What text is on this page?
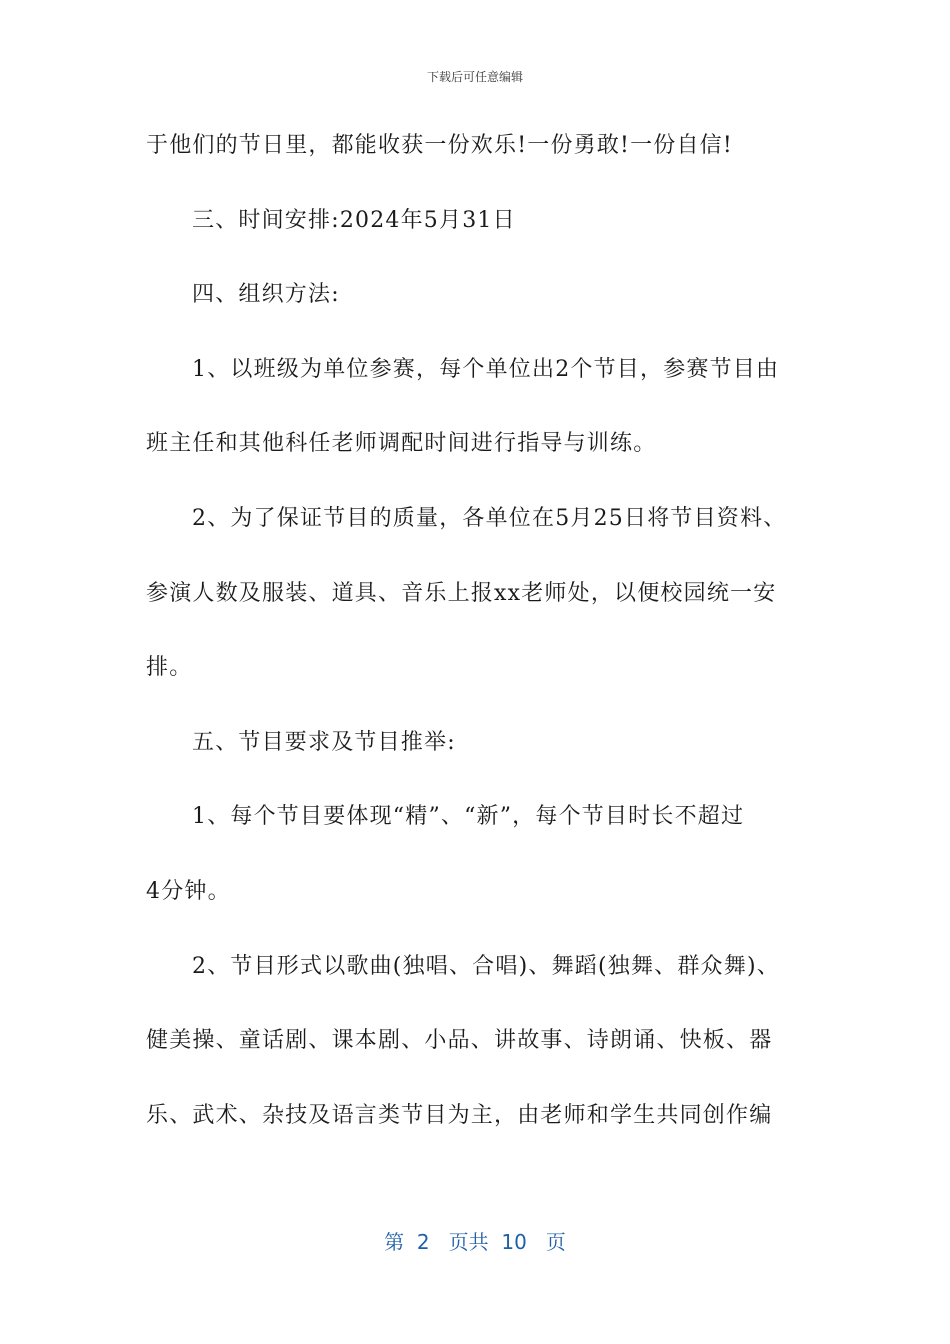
下载后可任意编辑
于他们的节日里，都能收获一份欢乐!一份勇敢!一份自信!
三、时间安排:2024年5月31日
四、组织方法:
1、以班级为单位参赛，每个单位出2个节目，参赛节目由
班主任和其他科任老师调配时间进行指导与训练。
2、为了保证节目的质量，各单位在5月25日将节目资料、
参演人数及服装、道具、音乐上报xx老师处，以便校园统一安
排。
五、节目要求及节目推举:
1、每个节目要体现“精”、“新”，每个节目时长不超过
4分钟。
2、节目形式以歌曲(独唱、合唱)、舞蹈(独舞、群众舞)、
健美操、童话剧、课本剧、小品、讲故事、诗朗诵、快板、器
乐、武术、杂技及语言类节目为主，由老师和学生共同创作编
第  2   页共  10   页
